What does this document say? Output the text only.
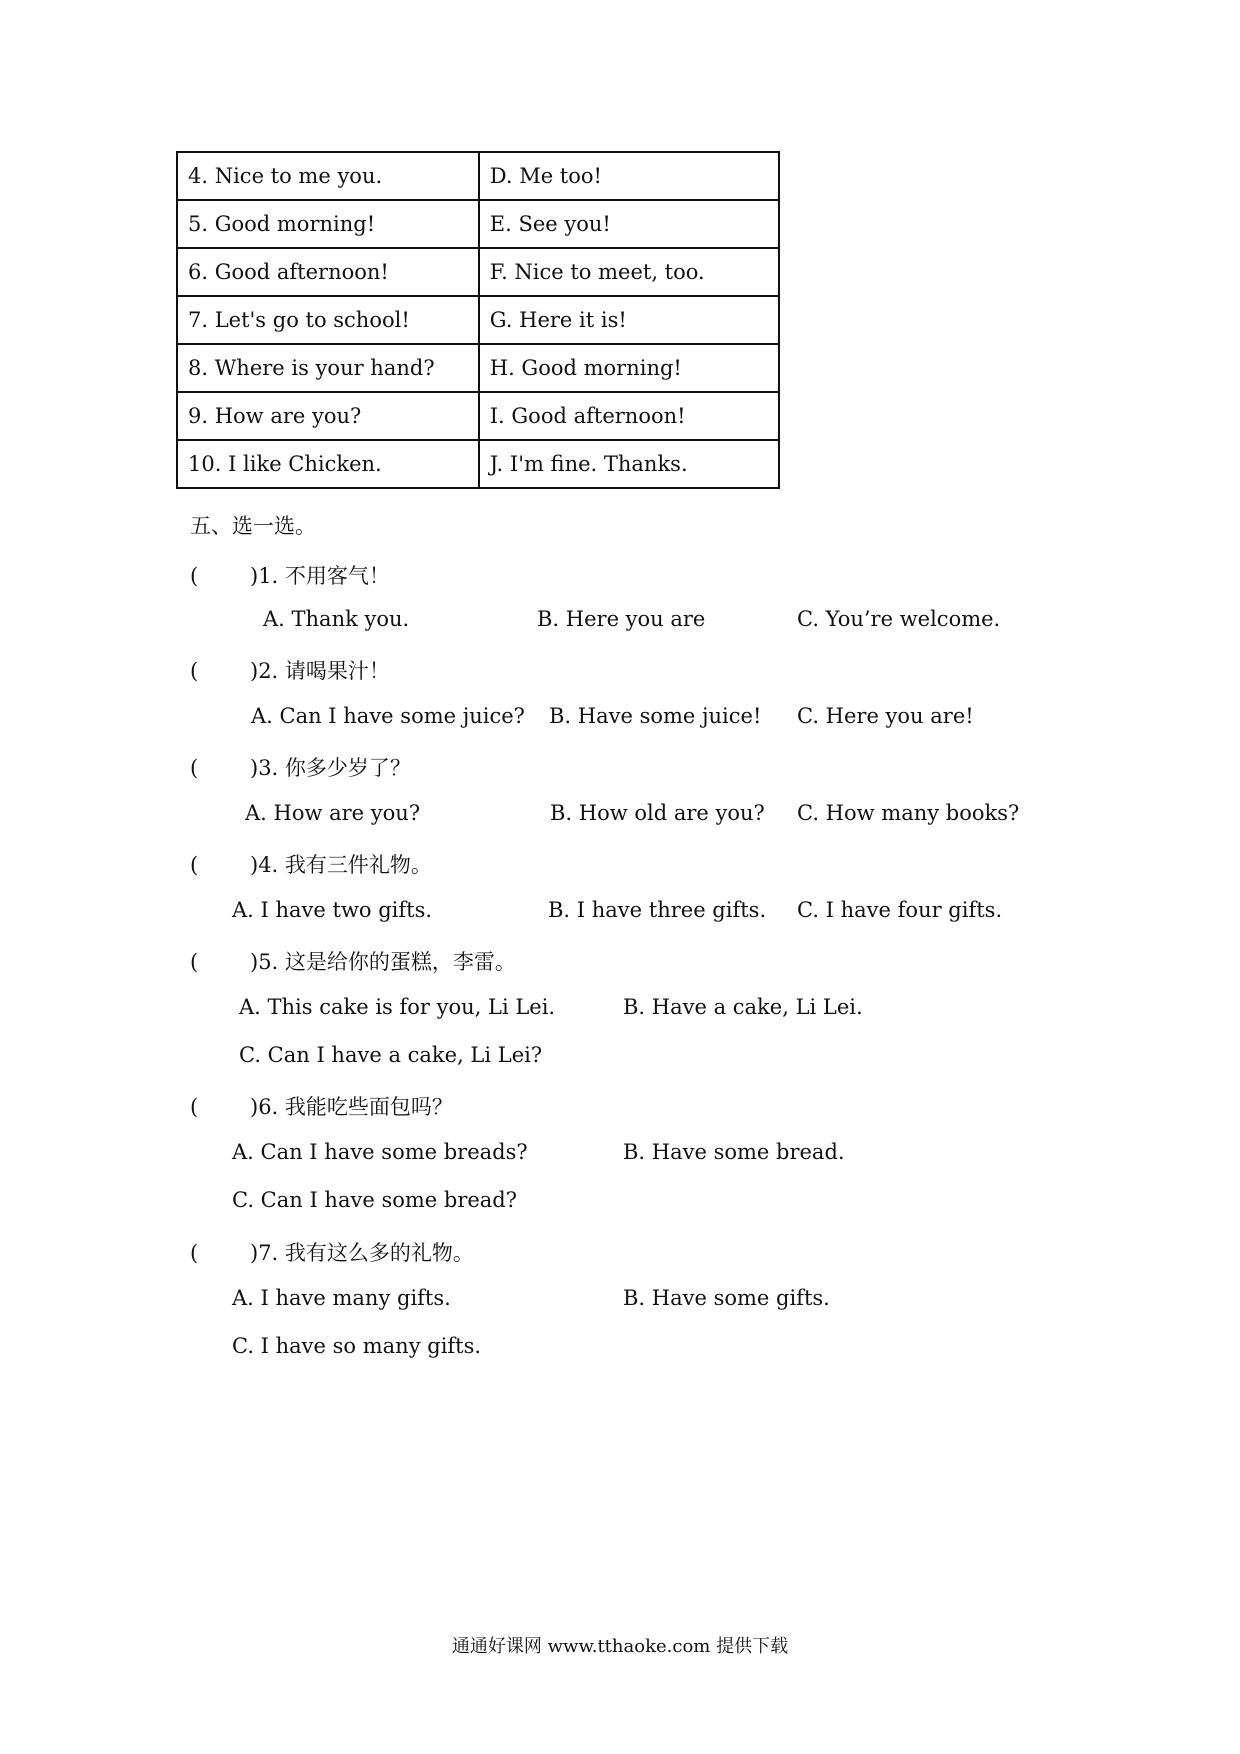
4. Nice to me you.	D. Me too!
5. Good morning!	E. See you!
6. Good afternoon!	F. Nice to meet, too.
7. Let's go to school!	G. Here it is!
8. Where is your hand?	H. Good morning!
9. How are you?	I. Good afternoon!
10. I like Chicken.	J. I'm fine. Thanks.
五、选一选。
( )1. 不用客气！
A. Thank you.	B. Here you are	C. You’re welcome.
( )2. 请喝果汁！
A. Can I have some juice? B. Have some juice! C. Here you are!
( )3. 你多少岁了？
A. How are you?	B. How old are you? C. How many books?
( )4. 我有三件礼物。
A. I have two gifts.	B. I have three gifts. C. I have four gifts.
( )5. 这是给你的蛋糕，李雷。
A. This cake is for you, Li Lei.	B. Have a cake, Li Lei.
C. Can I have a cake, Li Lei?
( )6. 我能吃些面包吗？
A. Can I have some breads?	B. Have some bread.
C. Can I have some bread?
( )7. 我有这么多的礼物。
A. I have many gifts.	B. Have some gifts.
C. I have so many gifts.
通通好课网 www.tthaoke.com 提供下载
